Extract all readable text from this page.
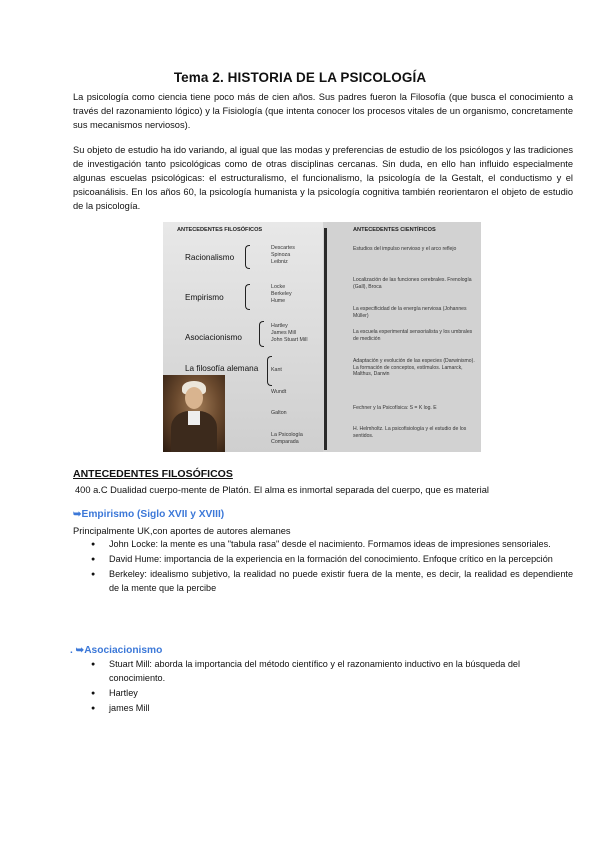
Tema 2. HISTORIA DE LA PSICOLOGÍA

La psicología como ciencia tiene poco más de cien años. Sus padres fueron la Filosofía (que busca el conocimiento a través del razonamiento lógico) y la Fisiología (que intenta conocer los procesos vitales de un organismo, concretamente sus mecanismos nerviosos).

Su objeto de estudio ha ido variando, al igual que las modas y preferencias de estudio de los psicólogos y las tradiciones de investigación tanto psicológicas como de otras disciplinas cercanas. Sin duda, en ello han influido especialmente algunas escuelas psicológicas: el estructuralismo, el funcionalismo, la psicología de la Gestalt, el conductismo y el psicoanálisis. En los años 60, la psicología humanista y la psicología cognitiva también reorientaron el objeto de estudio de la psicología.

ANTECEDENTES FILOSÓFICOS	ANTECEDENTES CIENTÍFICOS
Racionalismo
Descartes
Spinoza
Leibniz
Empirismo
Locke
Berkeley
Hume
Asociacionismo
Hartley
James Mill
John Stuart Mill
La filosofía alemana Kant
Wundt
Galton
La Psicología
Comparada
Estudios del impulso nervioso y el arco reflejo
Localización de las funciones cerebrales. Frenología (Gall), Broca
La especificidad de la energía nerviosa (Johannes Müller)
La escuela experimental sensorialista y los umbrales de medición
Adaptación y evolución de las especies (Darwinismo). La formación de conceptos, estímulos. Lamarck, Malthus, Darwin
Fechner y la Psicofísica: S = K log. E
H. Helmholtz. La psicofisiología y el estudio de los sentidos.
ANTECEDENTES FILOSÓFICOS

400 a.C Dualidad cuerpo-mente de Platón. El alma es inmortal separada del cuerpo, que es material

➥Empirismo (Siglo XVII y XVIII)

Principalmente UK,con aportes de autores alemanes

● John Locke: la mente es una "tabula rasa" desde el nacimiento. Formamos ideas de impresiones sensoriales.
● David Hume: importancia de la experiencia en la formación del conocimiento. Enfoque crítico en la percepción
● Berkeley: idealismo subjetivo, la realidad no puede existir fuera de la mente, es decir, la realidad es dependiente de la mente que la percibe
. ➥Asociacionismo
● Stuart Mill: aborda la importancia del método científico y el razonamiento inductivo en la búsqueda del conocimiento.
● Hartley
● james Mill
